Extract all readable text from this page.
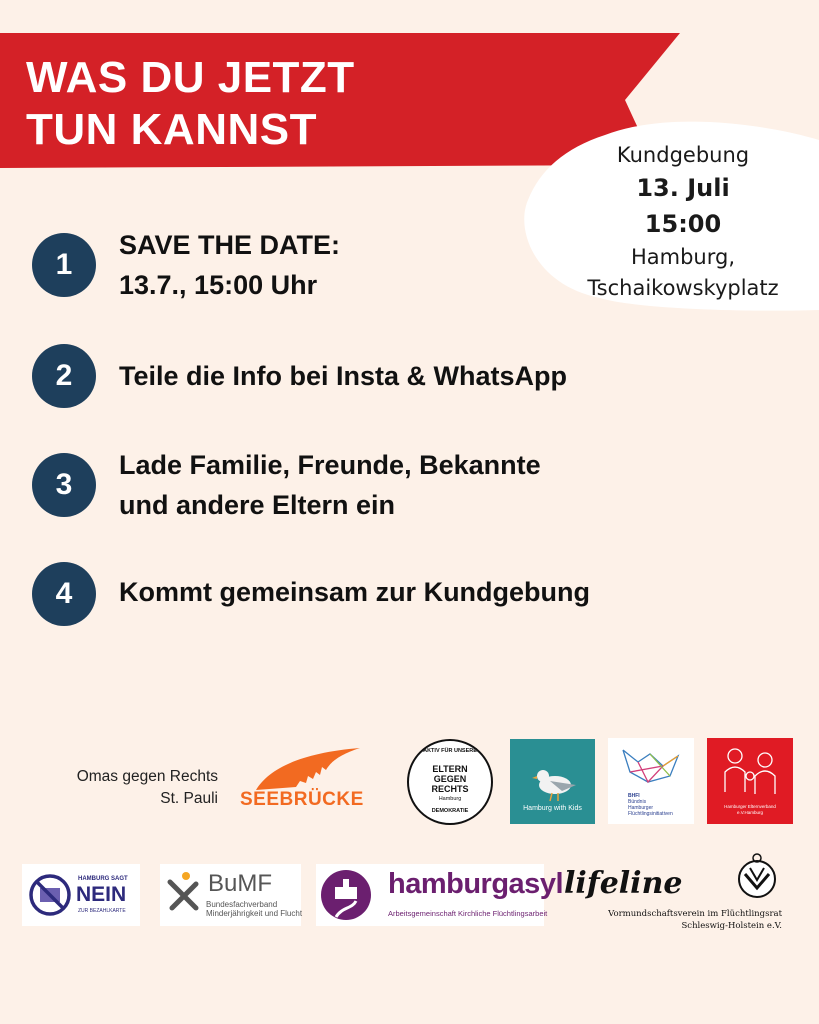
WAS DU JETZT
TUN KANNST
Kundgebung
13. Juli
15:00
Hamburg,
Tschaikowskyplatz
1
SAVE THE DATE:
13.7., 15:00 Uhr
2	Teile die Info bei Insta & WhatsApp
3
Lade Familie, Freunde, Bekannte
und andere Eltern ein
4	Kommt gemeinsam zur Kundgebung
Omas gegen Rechts
St. Pauli SEEBRÜCKE
AKTIV FÜR UNSERE
ELTERN
GEGEN
RECHTS
Hamburg
DEMOKRATIE	Hamburg with Kids
BHFI
Bündnis
Hamburger
Flüchtlingsinitiativen
Hamburger Elternverband
e.V.Hamburg
HAMBURG SAGT
NEIN
ZUR BEZAHLKARTE
BuMF
Bundesfachverband
Minderjährigkeit und Flucht
hamburgasyl
Arbeitsgemeinschaft Kirchliche Flüchtlingsarbeit
lifeline
Vormundschaftsverein im Flüchtlingsrat
Schleswig-Holstein e.V.
